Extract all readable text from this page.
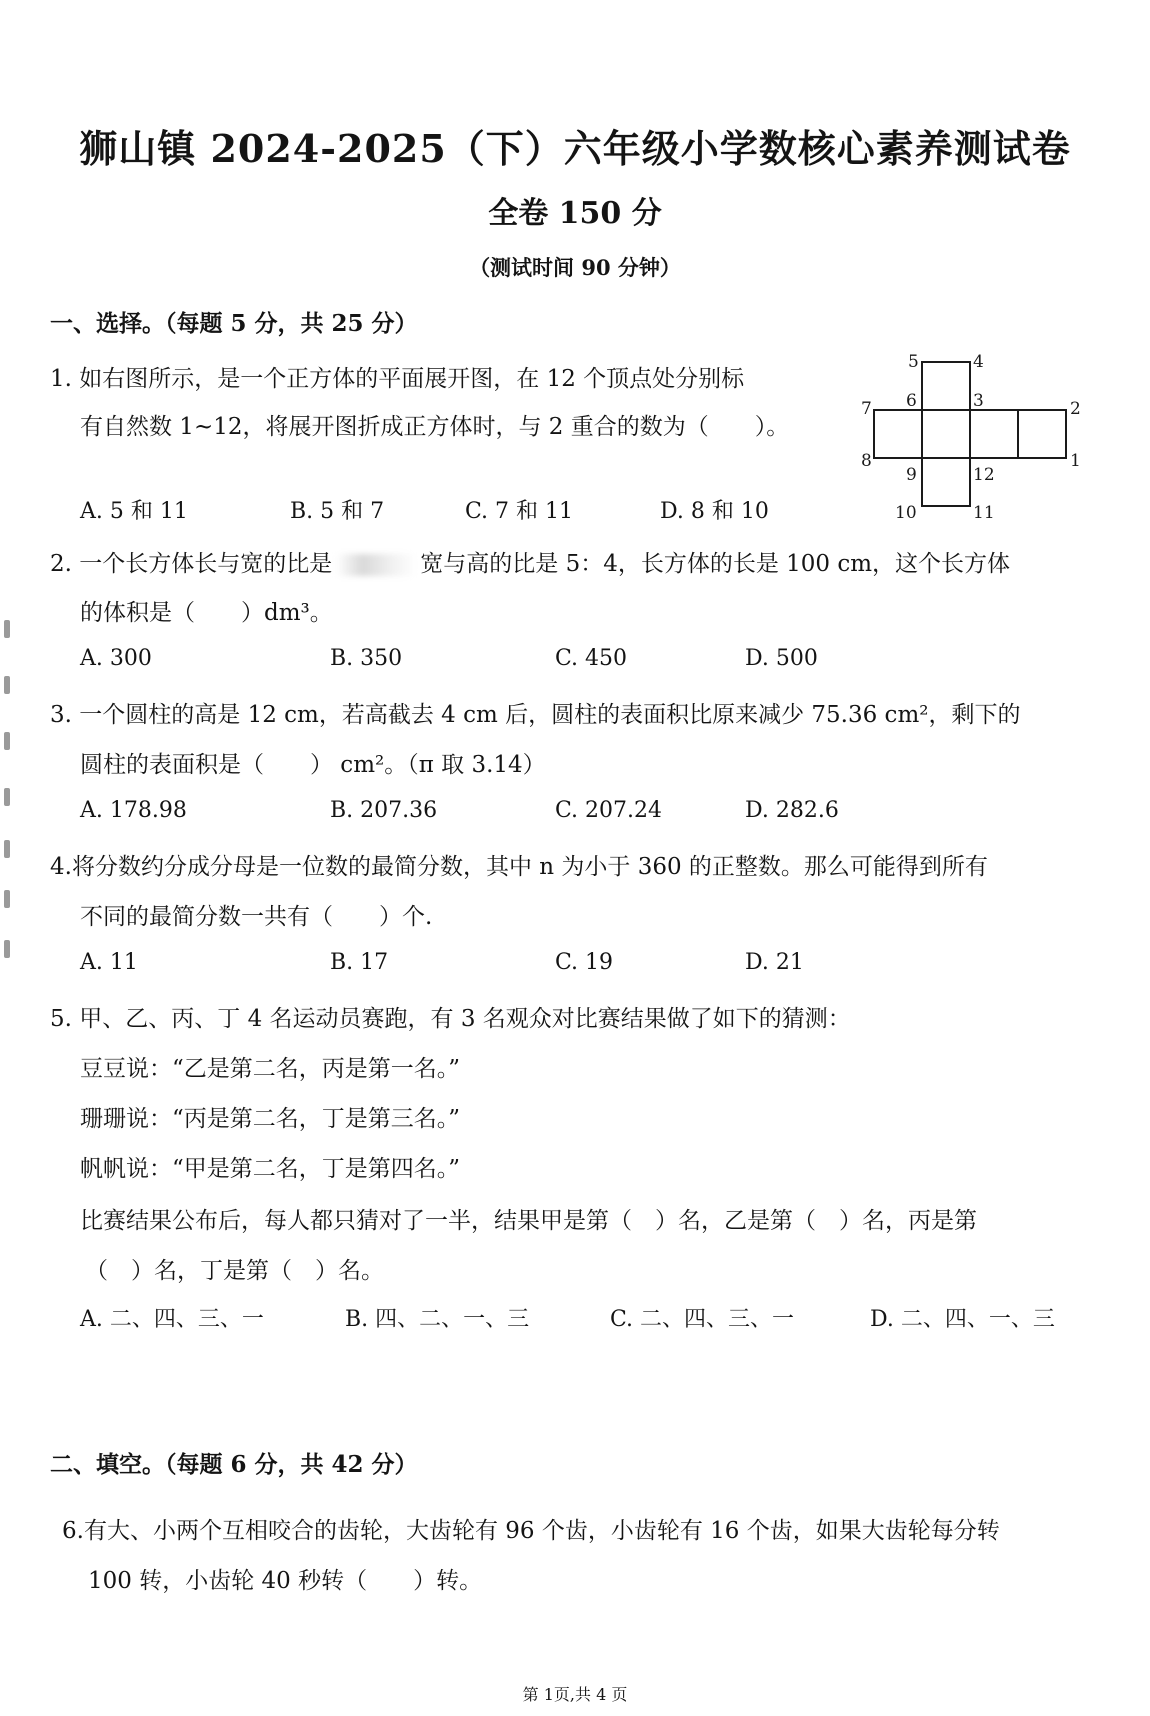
狮山镇 2024-2025（下）六年级小学数核心素养测试卷
全卷 150 分
（测试时间 90 分钟）
一、选择。（每题 5 分，共 25 分）
1. 如右图所示，是一个正方体的平面展开图，在 12 个顶点处分别标
有自然数 1~12，将展开图折成正方体时，与 2 重合的数为（　　）。
A. 5 和 11	B. 5 和 7	C. 7 和 11	D. 8 和 10
5	4
6	3
7	2
8	1
9	12
10	11
2. 一个长方体长与宽的比是	宽与高的比是 5：4，长方体的长是 100 cm，这个长方体
的体积是（　　）dm³。
A. 300	B. 350	C. 450	D. 500
3. 一个圆柱的高是 12 cm，若高截去 4 cm 后，圆柱的表面积比原来减少 75.36 cm²，剩下的
圆柱的表面积是（　　） cm²。（π 取 3.14）
A. 178.98	B. 207.36	C. 207.24	D. 282.6
4.将分数约分成分母是一位数的最简分数，其中 n 为小于 360 的正整数。那么可能得到所有
不同的最简分数一共有（　　）个.
A. 11	B. 17	C. 19	D. 21
5. 甲、乙、丙、丁 4 名运动员赛跑，有 3 名观众对比赛结果做了如下的猜测：
豆豆说：“乙是第二名，丙是第一名。”
珊珊说：“丙是第二名，丁是第三名。”
帆帆说：“甲是第二名，丁是第四名。”
比赛结果公布后，每人都只猜对了一半，结果甲是第（　）名，乙是第（　）名，丙是第
（　）名，丁是第（　）名。
A. 二、四、三、一	B. 四、二、一、三	C. 二、四、三、一	D. 二、四、一、三
二、填空。（每题 6 分，共 42 分）
6.有大、小两个互相咬合的齿轮，大齿轮有 96 个齿，小齿轮有 16 个齿，如果大齿轮每分转
100 转，小齿轮 40 秒转（　　）转。
第 1页,共 4 页
